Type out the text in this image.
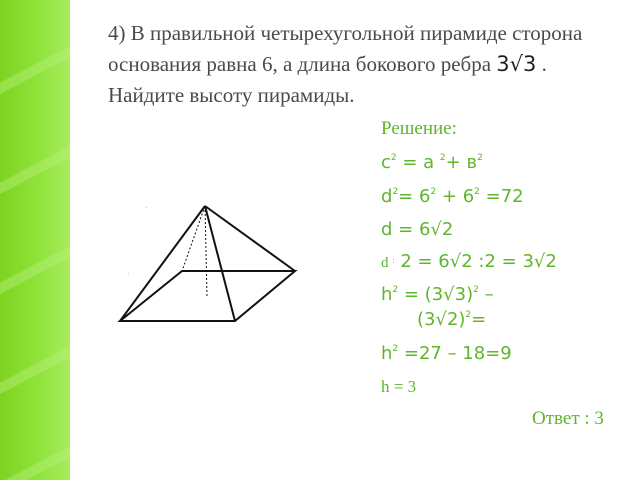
4) В правильной четырехугольной пирамиде сторона основания равна 6, а длина бокового ребра 3√3 . Найдите высоту пирамиды.
Решение:
$с^2 = а$ $^2+ в^2$
$d^2= 6^2 + 6^2 =72$
d = 6√2
d : 2 = 6√2 :2 = 3√2
$h^2 = (3√3)^2$ –
$(3√2)^2=$
$h^2 =27 - 18=9$
h = 3
Ответ : 3
